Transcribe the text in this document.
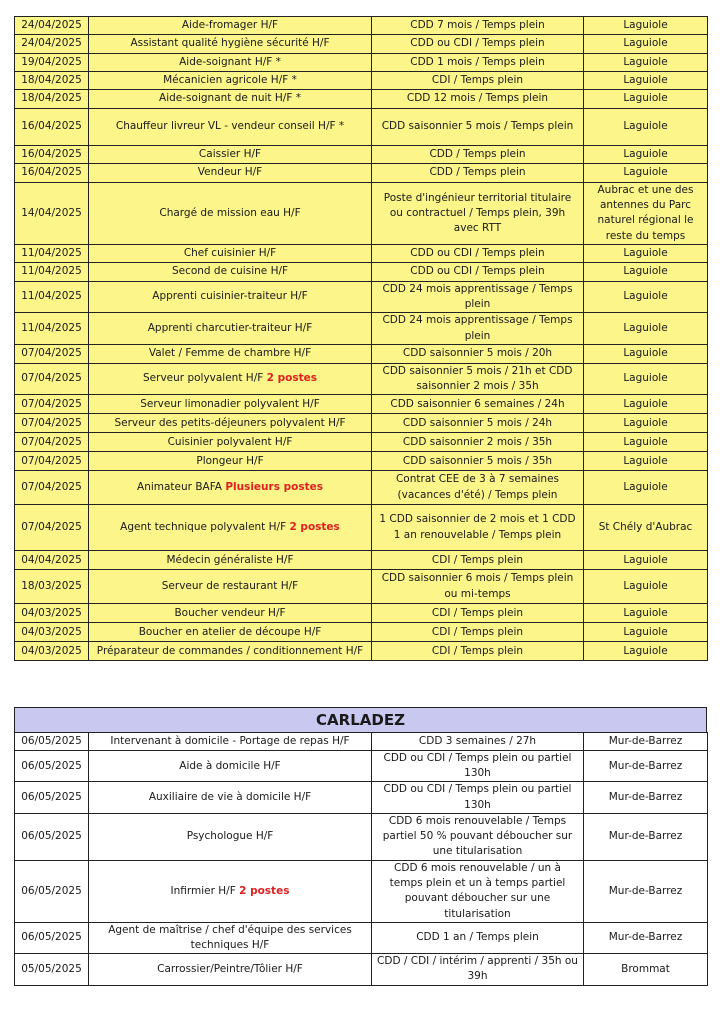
24/04/2025	Aide-fromager H/F	CDD 7 mois / Temps plein	Laguiole
24/04/2025	Assistant qualité hygiène sécurité H/F	CDD ou CDI / Temps plein	Laguiole
19/04/2025	Aide-soignant H/F *	CDD 1 mois / Temps plein	Laguiole
18/04/2025	Mécanicien agricole H/F *	CDI / Temps plein	Laguiole
18/04/2025	Aide-soignant de nuit H/F *	CDD 12 mois / Temps plein	Laguiole
16/04/2025	Chauffeur livreur VL - vendeur conseil H/F *	CDD saisonnier 5 mois / Temps plein	Laguiole
16/04/2025	Caissier H/F	CDD / Temps plein	Laguiole
16/04/2025	Vendeur H/F	CDD / Temps plein	Laguiole
14/04/2025	Chargé de mission eau H/F	Poste d'ingénieur territorial titulaire ou contractuel / Temps plein, 39h avec RTT	Aubrac et une des antennes du Parc naturel régional le reste du temps
11/04/2025	Chef cuisinier H/F	CDD ou CDI / Temps plein	Laguiole
11/04/2025	Second de cuisine H/F	CDD ou CDI / Temps plein	Laguiole
11/04/2025	Apprenti cuisinier-traiteur H/F	CDD 24 mois apprentissage / Temps plein	Laguiole
11/04/2025	Apprenti charcutier-traiteur H/F	CDD 24 mois apprentissage / Temps plein	Laguiole
07/04/2025	Valet / Femme de chambre H/F	CDD saisonnier 5 mois / 20h	Laguiole
07/04/2025	Serveur polyvalent H/F 2 postes	CDD saisonnier 5 mois / 21h et CDD saisonnier 2 mois / 35h	Laguiole
07/04/2025	Serveur limonadier polyvalent H/F	CDD saisonnier 6 semaines / 24h	Laguiole
07/04/2025	Serveur des petits-déjeuners polyvalent H/F	CDD saisonnier 5 mois / 24h	Laguiole
07/04/2025	Cuisinier polyvalent H/F	CDD saisonnier 2 mois / 35h	Laguiole
07/04/2025	Plongeur H/F	CDD saisonnier 5 mois / 35h	Laguiole
07/04/2025	Animateur BAFA Plusieurs postes	Contrat CEE de 3 à 7 semaines (vacances d'été) / Temps plein	Laguiole
07/04/2025	Agent technique polyvalent H/F 2 postes	1 CDD saisonnier de 2 mois et 1 CDD 1 an renouvelable / Temps plein	St Chély d'Aubrac
04/04/2025	Médecin généraliste H/F	CDI / Temps plein	Laguiole
18/03/2025	Serveur de restaurant H/F	CDD saisonnier 6 mois / Temps plein ou mi-temps	Laguiole
04/03/2025	Boucher vendeur H/F	CDI / Temps plein	Laguiole
04/03/2025	Boucher en atelier de découpe H/F	CDI / Temps plein	Laguiole
04/03/2025	Préparateur de commandes / conditionnement H/F	CDI / Temps plein	Laguiole
CARLADEZ
06/05/2025	Intervenant à domicile - Portage de repas H/F	CDD 3 semaines / 27h	Mur-de-Barrez
06/05/2025	Aide à domicile H/F	CDD ou CDI / Temps plein ou partiel 130h	Mur-de-Barrez
06/05/2025	Auxiliaire de vie à domicile H/F	CDD ou CDI / Temps plein ou partiel 130h	Mur-de-Barrez
06/05/2025	Psychologue H/F	CDD 6 mois renouvelable / Temps partiel 50 % pouvant déboucher sur une titularisation	Mur-de-Barrez
06/05/2025	Infirmier H/F 2 postes	CDD 6 mois renouvelable / un à temps plein et un à temps partiel pouvant déboucher sur une titularisation	Mur-de-Barrez
06/05/2025	Agent de maîtrise / chef d'équipe des services techniques H/F	CDD 1 an / Temps plein	Mur-de-Barrez
05/05/2025	Carrossier/Peintre/Tôlier H/F	CDD / CDI / intérim / apprenti / 35h ou 39h	Brommat
